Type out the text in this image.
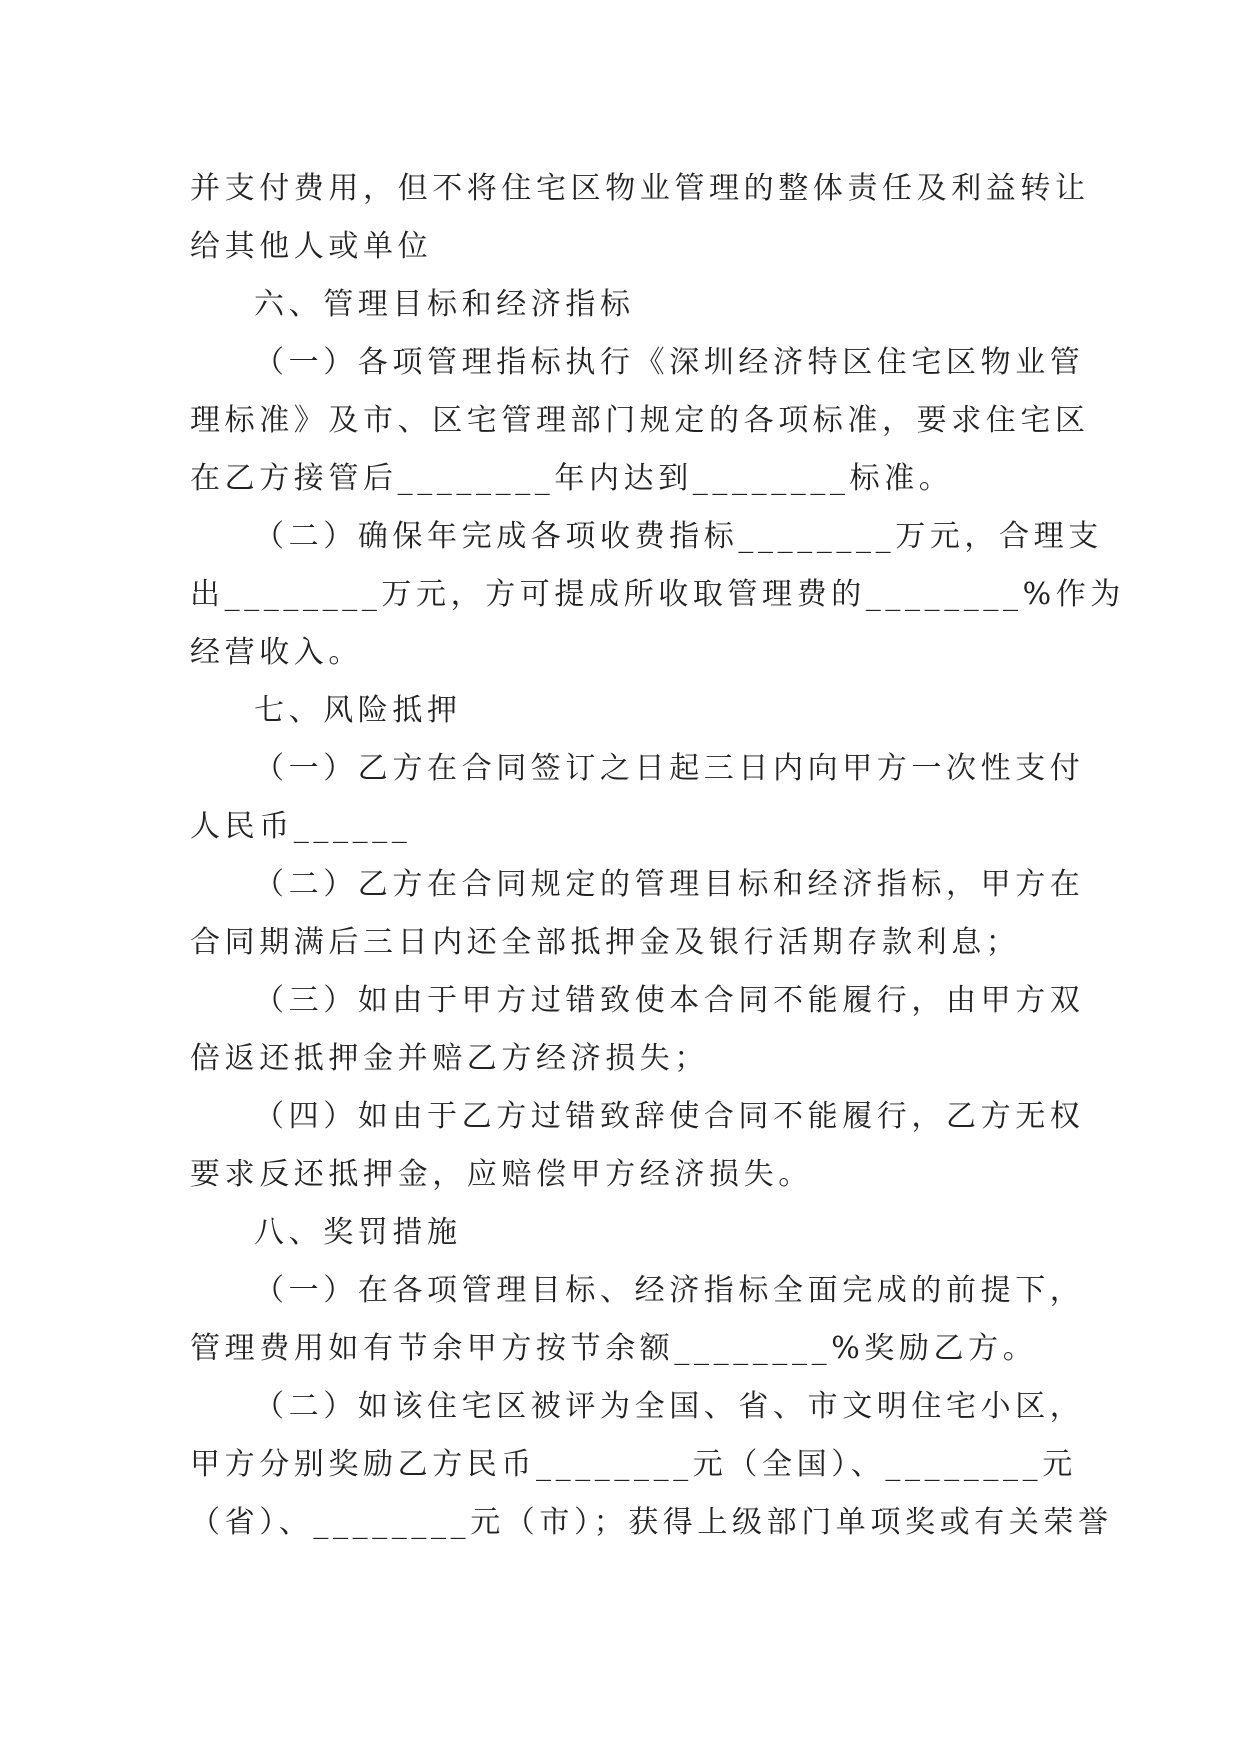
并支付费用，但不将住宅区物业管理的整体责任及利益转让
给其他人或单位
六、管理目标和经济指标
（一）各项管理指标执行《深圳经济特区住宅区物业管
理标准》及市、区宅管理部门规定的各项标准，要求住宅区
在乙方接管后________年内达到________标准。
（二）确保年完成各项收费指标________万元，合理支
出________万元，方可提成所收取管理费的________%作为
经营收入。
七、风险抵押
（一）乙方在合同签订之日起三日内向甲方一次性支付
人民币______
（二）乙方在合同规定的管理目标和经济指标，甲方在
合同期满后三日内还全部抵押金及银行活期存款利息；
（三）如由于甲方过错致使本合同不能履行，由甲方双
倍返还抵押金并赔乙方经济损失；
（四）如由于乙方过错致辞使合同不能履行，乙方无权
要求反还抵押金，应赔偿甲方经济损失。
八、奖罚措施
（一）在各项管理目标、经济指标全面完成的前提下，
管理费用如有节余甲方按节余额________%奖励乙方。
（二）如该住宅区被评为全国、省、市文明住宅小区，
甲方分别奖励乙方民币________元（全国）、________元
（省）、________元（市）；获得上级部门单项奖或有关荣誉
